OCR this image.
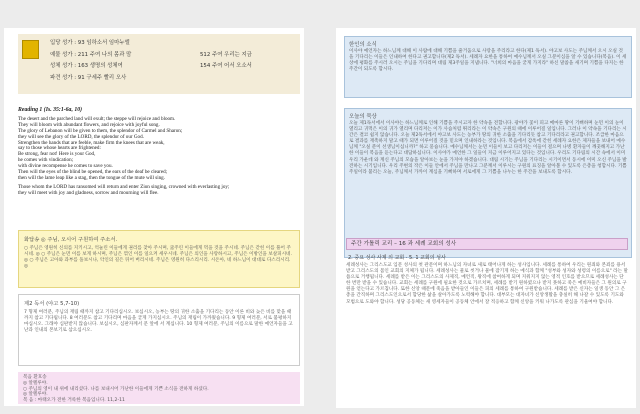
입당 성가 : 93 임하소서 임마누엘
예물 성가 : 211 주여 나의 몸과 맘	512 주여 우리는 지금
성체 성가 : 163 생명의 성체여	154 주여 어서 오소서
파견 성가 : 91 구세주 빨리 오사
Reading 1 (Is. 35:1-6a, 10)

The desert and the parched land will exult; the steppe will rejoice and bloom.
They will bloom with abundant flowers, and rejoice with joyful song.
The glory of Lebanon will be given to them, the splendor of Carmel and Sharon;
they will see the glory of the LORD, the splendor of our God.
Strengthen the hands that are feeble, make firm the knees that are weak,
say to those whose hearts are frightened:
Be strong, fear not! Here is your God,
he comes with vindication;
with divine recompense he comes to save you.
Then will the eyes of the blind be opened, the ears of the deaf be cleared;
then will the lame leap like a stag, then the tongue of the mute will sing.

Those whom the LORD has ransomed will return and enter Zion singing, crowned with everlasting joy;
they will meet with joy and gladness, sorrow and mourning will flee.

화답송 ◎ 주님, 오시어 구원하여 주소서.
○ 주님은 영원히 신의를 지키시고, 억눌린 이들에게 권리를 찾아 주시며, 굶주린 이들에게 먹을 것을 주시네. 주님은 갇힌 이를 풀어 주시네. ◎ ○ 주님은 눈먼 이를 보게 하시며, 주님은 꺾인 이를 일으켜 세우시네. 주님은 의인을 사랑하시고, 주님은 이방인을 보살피시네. ◎ ○ 주님은 고아와 과부를 돌보시나, 악인의 길은 뒤어 버리시네. 주님은 영원히 다스리시리. 시온아, 네 하느님이 대대로 다스리시리. ◎
제2 독서 (야고 5,7-10)
7 형제 여러분, 주님의 재림 때까지 참고 기다리십시오. 보십시오, 농부는 땅의 귀한 소출을 기다리는 동안 이른 비와 늦은 비를 맞을 때까지 참고 기다립니다. 8 여러분도 참고 기다리며 마음을 굳게 가지십시오. 주님의 재림이 가까웠습니다. 9 형제 여러분, 서로 불평하지 마십시오. 그래야 심판받지 않습니다. 보십시오, 심판자께서 문 앞에 서 계십니다. 10 형제 여러분, 주님의 이름으로 말한 예언자들을 고난과 인내의 본보기로 삼으십시오.
복음 환호송
◎ 알렐루야.
○ 주님의 영이 내 위에 내리셨다. 나를 보내시어 가난한 이들에게 기쁜 소식을 전하게 하셨다.
◎ 알렐루야.
복 음 : 마태오가 전한 거룩한 복음입니다. 11,2-11
한인의 소식
이사야 예언자는 하느님께 대해 이 사람에 대해 기쁨을 줄거움으로 사랑을 주리라고 한다(제1 독서). 야고보 사도는 주님께서 오시 오실 것을 기다리는 이들은 인내하여 한다고 권고합니다(제2 독서). 세례자 요한을 통하여 예수님께서 오실 그분이심을 알 수 있습니다(복음). 이 세상에 평화를 주시러 오시는 주님을 기다리며 대림 제3주일을 지냅니다. "너희의 마음을 굳게 가지라" 하신 말씀을 새기며 기쁨을 다지는 한 주간이 되도록 합시다.
오늘의 묵상
오늘 제1독서에서 이사야는 하느님께로 인해 기쁨을 주시고자 한 약속을 전합니다. 광야가 꽃이 피고 메마른 땅이 기뻐하며 눈먼 이의 눈이 열리고 귀먹은 이의 귀가 열리며 다리저는 이가 사슴처럼 뛰리라는 이 약속은 구원의 때에 이루어질 일입니다. 그러나 이 약속을 기다리는 시간은 결코 쉽지 않습니다. 오늘 제2독서에서 야고보 사도는 농부가 땅의 귀한 소출을 기다리듯 참고 기다리라고 권고합니다. 조급한 마음으로 결과를 재촉하지 말고 때가 되면 이루어질 것을 믿으며 인내하라는 것입니다. 복음에서 감옥에 갇힌 세례자 요한은 제자들을 보내어 예수님께 "오실 분이 선생님이십니까?" 하고 묻습니다. 예수님께서는 눈먼 이들이 보고 다리저는 이들이 걸으며 나병 환자들이 깨끗해지고 가난한 이들이 복음을 듣는다고 대답하십니다. 이사야가 예언한 그 일들이 지금 이루어지고 있다는 것입니다. 우리도 기다림의 시간 속에서 이미 우리 가운데 와 계신 주님의 모습을 알아보는 눈을 가져야 하겠습니다. 대림 시기는 주님을 기다리는 시기이면서 동시에 이미 오신 주님을 발견하는 시기입니다. 우리 주변의 작은 이들 안에서 주님을 만나고 그분께서 이루시는 구원의 표징을 알아볼 수 있도록 은총을 청합시다. 기쁨 주일이라 불리는 오늘, 주님께서 가까이 계심을 기뻐하며 서로에게 그 기쁨을 나누는 한 주간을 보내도록 합시다.
주간 가톨릭 교리 – 16 과 세례 교회의 성사
2. 중요 성사 사제 의 교회 · 5. 1 교회의 성사
세례성사는 그리스도교 입문 성사의 첫 관문이며 하느님의 자녀로 새로 태어나게 하는 성사입니다. 세례를 통하여 우리는 원죄와 본죄를 용서받고 그리스도의 몸인 교회의 지체가 됩니다. 세례성사는 물로 씻거나 물에 잠기게 하는 예식과 함께 "성부와 성자와 성령의 이름으로" 라는 말씀으로 거행됩니다. 세례를 받은 이는 그리스도의 사제직, 예언직, 왕직에 참여하게 되며 지워지지 않는 영적 인호를 받으므로 세례성사는 단 한 번만 받을 수 있습니다. 교회는 세례를 구원에 필요한 것으로 가르치며, 세례를 받기 원하였으나 받지 못하고 죽은 예비자들은 그 원의로 구원을 얻는다고 가르칩니다. 또한 신앙 때문에 죽음을 받아들인 이들은 피의 세례를 통하여 구원받습니다. 세례를 받은 신자는 일생 동안 그 은총을 간직하며 그리스도인으로서 합당한 삶을 살아가도록 노력해야 합니다. 대부모는 대자녀가 신앙생활을 충실히 해 나갈 수 있도록 기도와 모범으로 도와야 합니다. 성당 공동체는 새 영세자들이 공동체 안에서 잘 적응하고 함께 신앙을 키워 나가도록 관심을 기울여야 합니다.
